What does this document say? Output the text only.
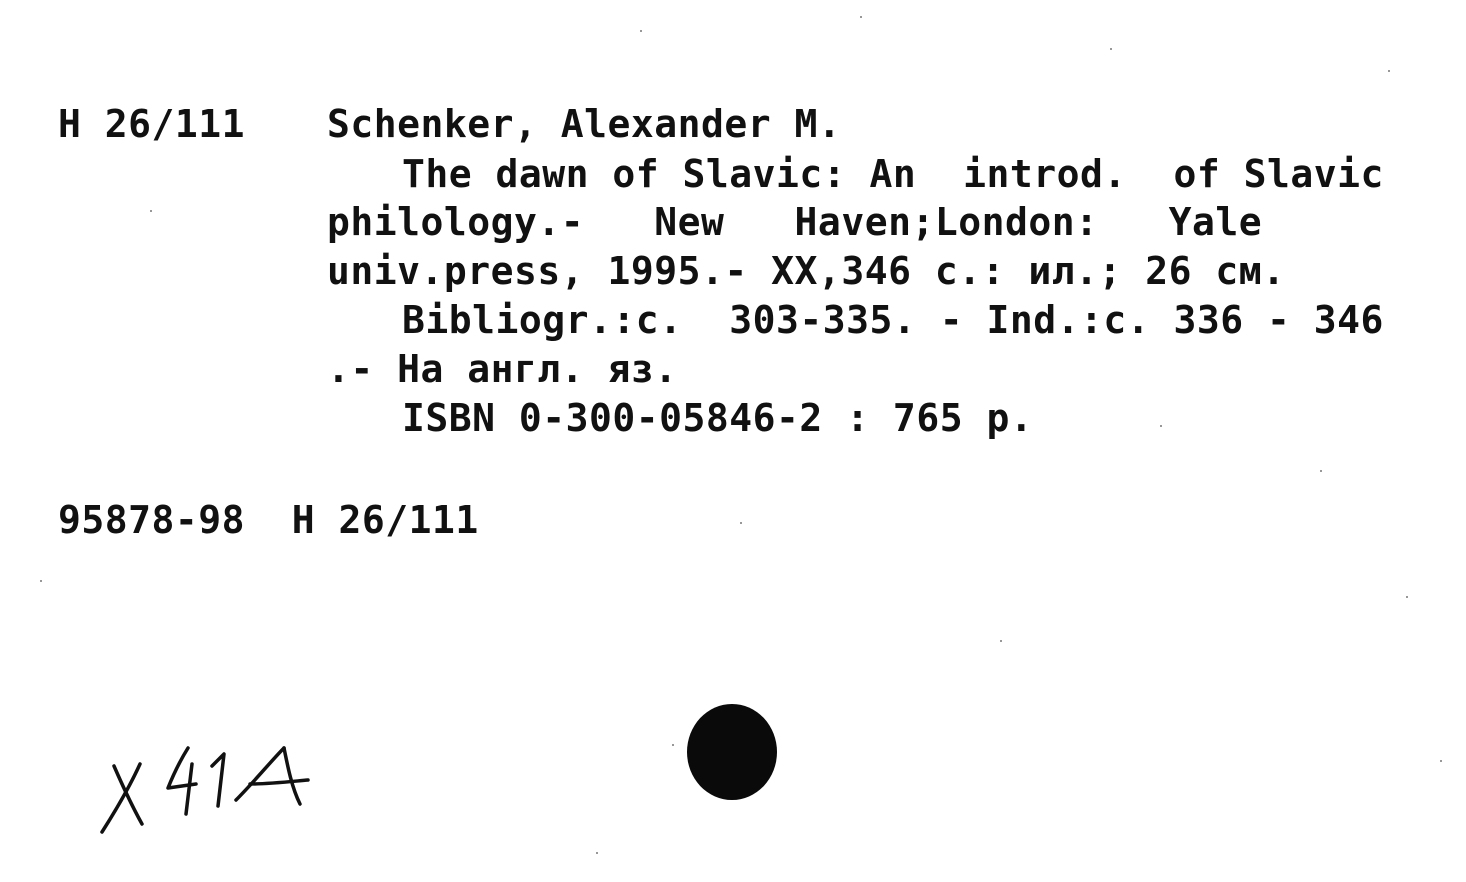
H 26/111 Schenker, Alexander M.
The dawn of Slavic: An  introd.  of Slavic
philology.-   New   Haven;London:   Yale
univ.press, 1995.- XX,346 с.: ил.; 26 см.
Bibliogr.:c.  303-335. - Ind.:c. 336 - 346
.- На англ. яз.
ISBN 0-300-05846-2 : 765 р.
95878-98  H 26/111
